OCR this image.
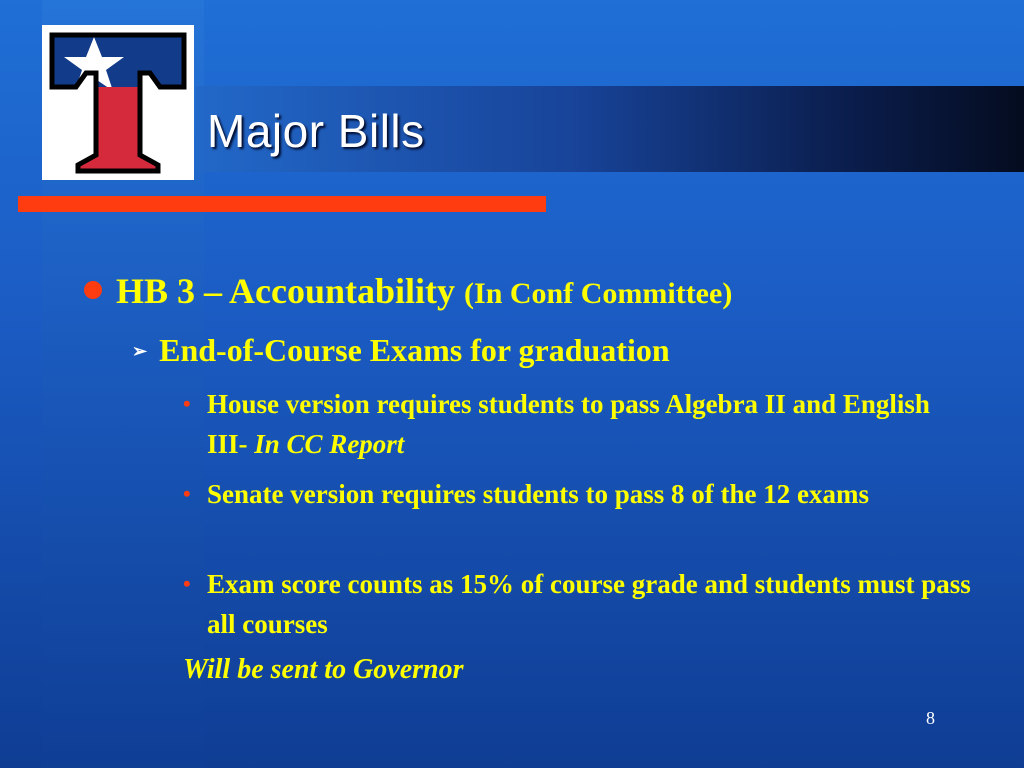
Major Bills
HB 3 – Accountability (In Conf Committee)
➢ End-of-Course Exams for graduation
• House version requires students to pass Algebra II and English III- In CC Report
• Senate version requires students to pass 8 of the 12 exams
• Exam score counts as 15% of course grade and students must pass all courses
Will be sent to Governor
8
